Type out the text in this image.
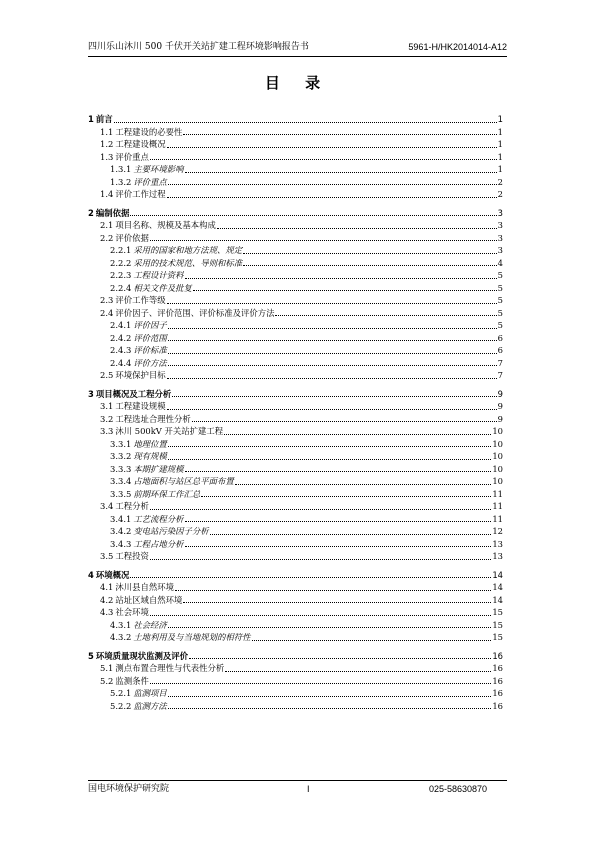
四川乐山沐川 500 千伏开关站扩建工程环境影响报告书	5961-H/HK2014014-A12
目 录
1 前言	1
1.1 工程建设的必要性	1
1.2 工程建设概况	1
1.3 评价重点	1
1.3.1 主要环境影响	1
1.3.2 评价重点	2
1.4 评价工作过程	2
2 编制依据	3
2.1 项目名称、规模及基本构成	3
2.2 评价依据	3
2.2.1 采用的国家和地方法规、规定	3
2.2.2 采用的技术规范、导则和标准	4
2.2.3 工程设计资料	5
2.2.4 相关文件及批复	5
2.3 评价工作等级	5
2.4 评价因子、评价范围、评价标准及评价方法	5
2.4.1 评价因子	5
2.4.2 评价范围	6
2.4.3 评价标准	6
2.4.4 评价方法	7
2.5 环境保护目标	7
3 项目概况及工程分析	9
3.1 工程建设规模	9
3.2 工程选址合理性分析	9
3.3 沐川 500kV 开关站扩建工程	10
3.3.1 地理位置	10
3.3.2 现有规模	10
3.3.3 本期扩建规模	10
3.3.4 占地面积与站区总平面布置	10
3.3.5 前期环保工作汇总	11
3.4 工程分析	11
3.4.1 工艺流程分析	11
3.4.2 变电站污染因子分析	12
3.4.3 工程占地分析	13
3.5 工程投资	13
4 环境概况	14
4.1 沐川县自然环境	14
4.2 站址区域自然环境	14
4.3 社会环境	15
4.3.1 社会经济	15
4.3.2 土地利用及与当地规划的相符性	15
5 环境质量现状监测及评价	16
5.1 测点布置合理性与代表性分析	16
5.2 监测条件	16
5.2.1 监测项目	16
5.2.2 监测方法	16
国电环境保护研究院	I	025-58630870
